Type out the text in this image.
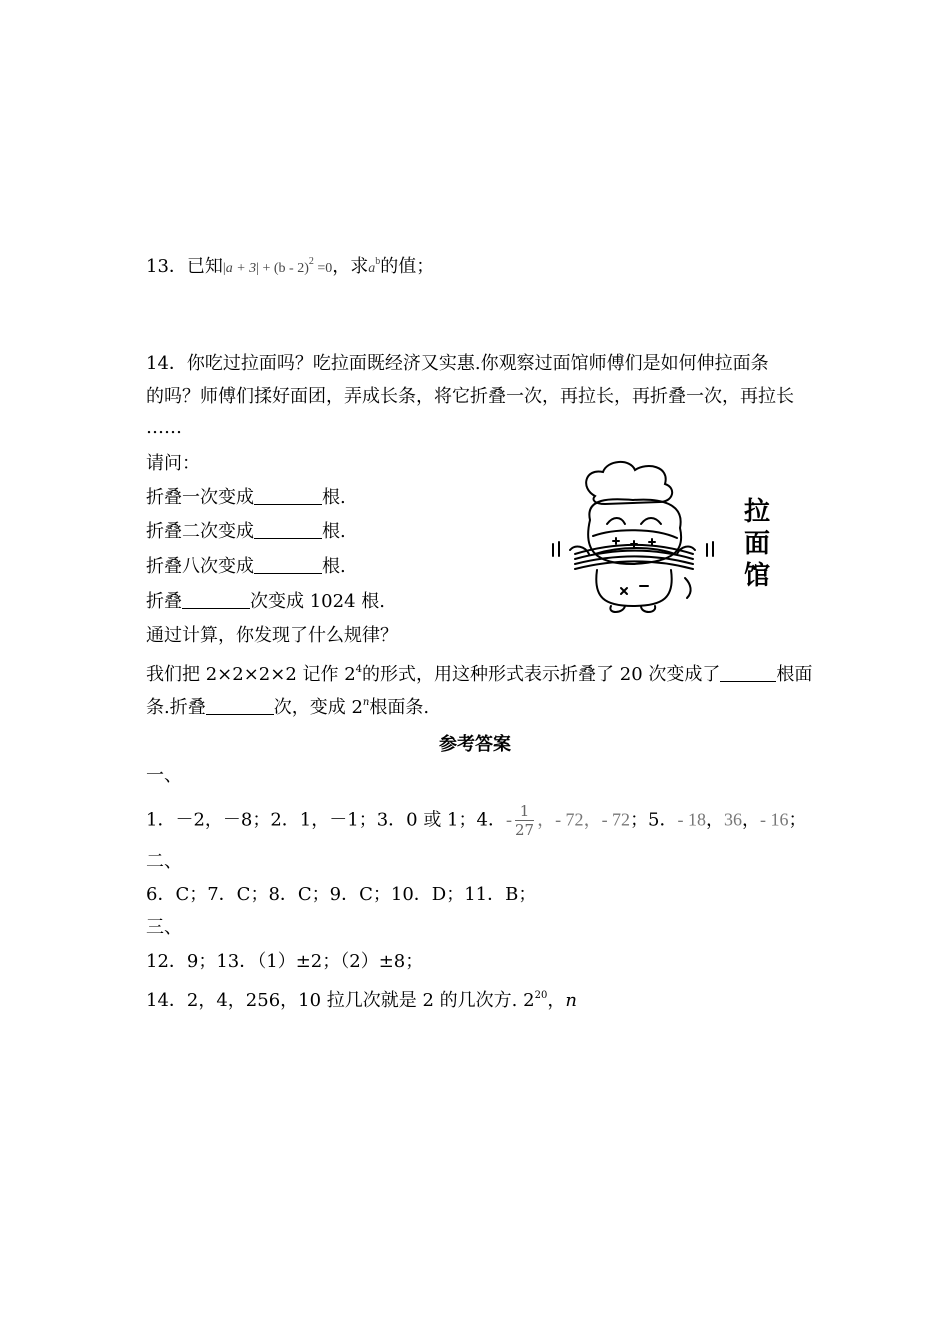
13．已知|a + 3| + (b - 2)$^2$ =0，求$a^b$的值；
14．你吃过拉面吗？吃拉面既经济又实惠.你观察过面馆师傅们是如何伸拉面条
的吗？师傅们揉好面团，弄成长条，将它折叠一次，再拉长，再折叠一次，再拉长
……
请问：
折叠一次变成	根.
折叠二次变成	根.
折叠八次变成	根.
折叠	次变成 1024 根.
通过计算，你发现了什么规律？
我们把 2×2×2×2 记作 $2^4$的形式，用这种形式表示折叠了 20 次变成了	根面
条.折叠	次，变成 2$^n$根面条.
拉
面
馆
参考答案
一、
1．－2，－8；2．1，－1；3．0 或 1；4．- $\frac{1}{27}$ ，- 72，- 72；5．- 18，36，- 16；
二、
6．C；7．C；8．C；9．C；10．D；11．B；
三、
12．9；13．（1）±2；（2）±8；
14．2，4，256，10 拉几次就是 2 的几次方. $2^{20}$，n
